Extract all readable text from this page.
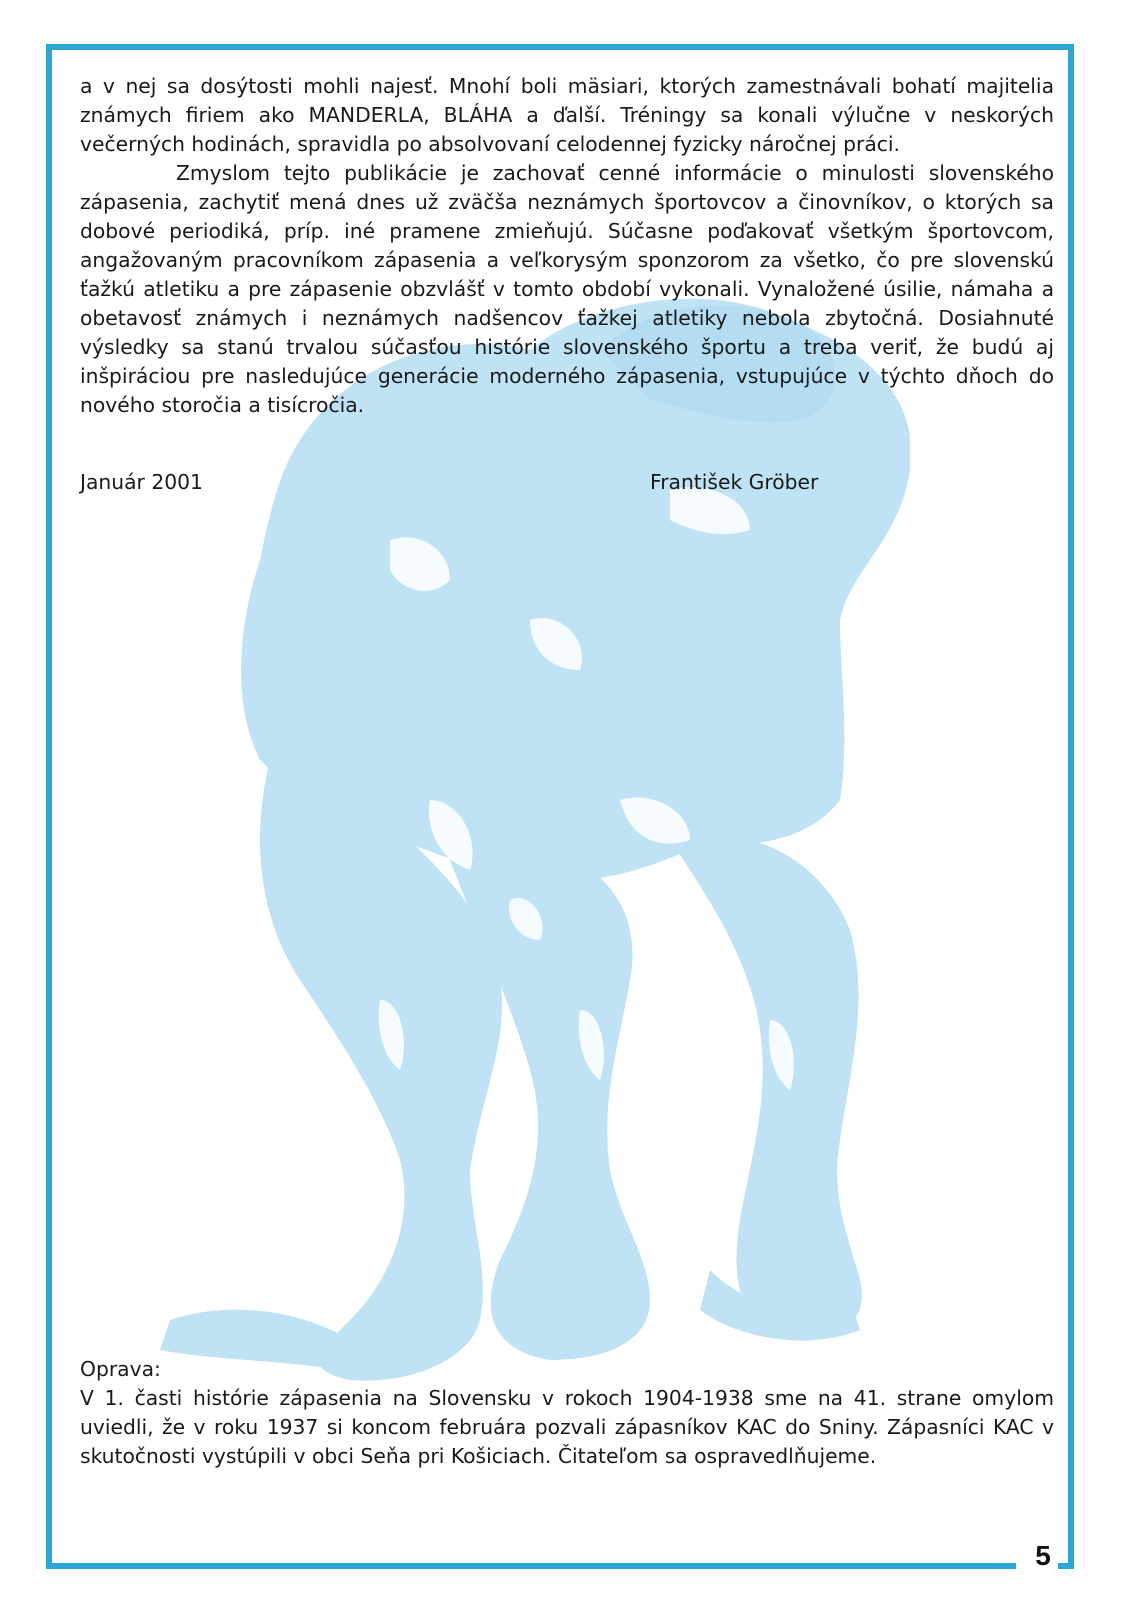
a v nej sa dosýtosti mohli najesť. Mnohí boli mäsiari, ktorých zamestnávali bohatí majitelia známych firiem ako MANDERLA, BLÁHA a ďalší. Tréningy sa konali výlučne v neskorých večerných hodinách, spravidla po absolvovaní celodennej fyzicky náročnej práci.

Zmyslom tejto publikácie je zachovať cenné informácie o minulosti slovenského zápasenia, zachytiť mená dnes už zväčša neznámych športovcov a činovníkov, o ktorých sa dobové periodiká, príp. iné pramene zmieňujú. Súčasne poďakovať všetkým športovcom, angažovaným pracovníkom zápasenia a veľkorysým sponzorom za všetko, čo pre slovenskú ťažkú atletiku a pre zápasenie obzvlášť v tomto období vykonali. Vynaložené úsilie, námaha a obetavosť známych i neznámych nadšencov ťažkej atletiky nebola zbytočná. Dosiahnuté výsledky sa stanú trvalou súčasťou histórie slovenského športu a treba veriť, že budú aj inšpiráciou pre nasledujúce generácie moderného zápasenia, vstupujúce v týchto dňoch do nového storočia a tisícročia.

Január 2001	František Gröber

Oprava:

V 1. časti histórie zápasenia na Slovensku v rokoch 1904-1938 sme na 41. strane omylom uviedli, že v roku 1937 si koncom februára pozvali zápasníkov KAC do Sniny. Zápasníci KAC v skutočnosti vystúpili v obci Seňa pri Košiciach. Čitateľom sa ospravedlňujeme.

5
